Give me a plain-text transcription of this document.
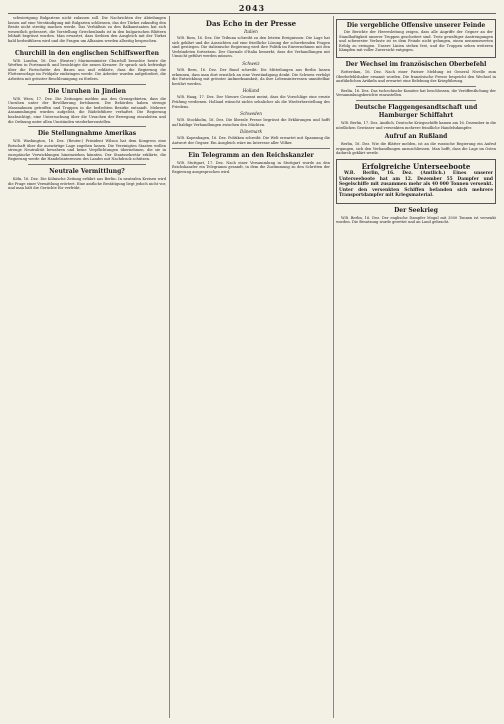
2043

schwierigung Bulgariens nicht zulassen soll. Die Nachrichten der Abteilungen lassen auf eine Verständigung mit Bulgarien schliessen, das der Türkei zukunftig den Besitz nicht streitig machen werde. Das Verhältnis zu den Balkanstaaten hat sich wesentlich gebessert, die Vorstellung Griechenlands ist in den bulgarischen Blättern lebhaft begrüsst worden. Man erwartet, dass Serbien den Ausgleich mit der Türkei bald herbeiführen wird und die Fragen um Albanien werden allseitig besprochen.

Churchill in den englischen Schiffswerften

W.B. London, 16. Dez. (Reuter.) Marineminister Churchill besuchte heute die Werften in Portsmouth und besichtigte die neuen Kreuzer. Er sprach sich befriedigt über die Fortschritte des Baues aus und erklärte, dass die Regierung die Flottenvorlage im Frühjahr einbringen werde. Die Arbeiter wurden aufgefordert, die Arbeiten mit grösster Beschleunigung zu fördern.

Die Unruhen in Jindien

W.B. Wien, 17. Dez. Die Zeitungen melden aus den Grenzgebieten, dass die Unruhen unter der Bevölkerung fortdauern. Die Behörden haben strenge Massnahmen getroffen und Truppen in die bedrohten Bezirke entsandt. Mehrere Ansammlungen wurden aufgelöst, die Rädelsführer verhaftet. Die Regierung beabsichtigt, eine Untersuchung über die Ursachen der Bewegung einzuleiten und die Ordnung unter allen Umständen wiederherzustellen.

Die Stellungnahme Amerikas

W.B. Washington, 16. Dez. (Reuter.) Präsident Wilson hat dem Kongress eine Botschaft über die auswärtige Lage zugehen lassen. Die Vereinigten Staaten wollen strenge Neutralität bewahren und keine Verpflichtungen übernehmen, die sie in europäische Verwicklungen hineinziehen könnten. Der Staatssekretär erklärte, die Regierung werde die Handelsinteressen des Landes mit Nachdruck schützen.

Neutrale Vermittlung?

Köln, 16. Dez. Die Kölnische Zeitung erfährt aus Berlin: In neutralen Kreisen wird die Frage einer Vermittlung erörtert. Eine amtliche Bestätigung liegt jedoch nicht vor, und man hält die Gerüchte für verfrüht.

Das Echo in der Presse
Italien

W.B. Rom, 16. Dez. Die Tribuna schreibt zu den letzten Ereignissen: Die Lage hat sich geklärt und die Aussichten auf eine friedliche Lösung der schwebenden Fragen sind gestiegen. Die italienische Regierung wird ihre Politik im Einvernehmen mit den Verbündeten fortsetzen. Der Giornale d'Italia bemerkt, dass die Verhandlungen mit Umsicht geführt werden müssen.

Schweiz

W.B. Bern, 16. Dez. Der Bund schreibt: Die Mitteilungen aus Berlin lassen erkennen, dass man dort ernstlich an eine Verständigung denkt. Die Schweiz verfolgt die Entwicklung mit grösster Aufmerksamkeit, da ihre Lebensinteressen unmittelbar berührt werden.

Holland

W.B. Haag, 17. Dez. Der Nieuwe Courant meint, dass die Vorschläge eine ernste Prüfung verdienen. Holland wünscht nichts sehnlicher als die Wiederherstellung des Friedens.

Schweden

W.B. Stockholm, 16. Dez. Die liberale Presse begrüsst die Erklärungen und hofft auf baldige Verhandlungen zwischen den Mächten.

Dänemark

W.B. Kopenhagen, 16. Dez. Politiken schreibt: Die Welt erwartet mit Spannung die Antwort der Gegner. Ein Ausgleich wäre im Interesse aller Völker.

Ein Telegramm an den Reichskanzler

W.B. Stuttgart, 17. Dez. Nach einer Versammlung in Stuttgart wurde an den Reichskanzler ein Telegramm gesandt, in dem die Zustimmung zu den Schritten der Regierung ausgesprochen wird.

Die vergebliche Offensive unserer Feinde

Die Berichte der Heeresleitung zeigen, dass alle Angriffe der Gegner an der Standhaftigkeit unserer Truppen gescheitert sind. Trotz gewaltiger Anstrengungen und schwerster Verluste ist es dem Feinde nicht gelungen, einen nennenswerten Erfolg zu erringen. Unsere Linien stehen fest, und die Truppen sehen weiteren Kämpfen mit voller Zuversicht entgegen.

Der Wechsel im französischen Oberbefehl

Rotterdam, 16. Dez. Nach einer Pariser Meldung ist General Nivelle zum Oberbefehlshaber ernannt worden. Die französische Presse bespricht den Wechsel in ausführlichen Artikeln und erwartet eine Belebung der Kriegführung.

Berlin, 16. Dez. Das tschechische Komitee hat beschlossen, die Veröffentlichung der Versammlungsberichte einzustellen.

Deutsche Flaggengesandtschaft und Hamburger Schiffahrt

W.B. Berlin, 17. Dez. Amtlich. Deutsche Kriegsschiffe kamen am 16. Dezember in die nördlichen Gewässer und versenkten mehrere feindliche Handelsdampfer.

Aufruf an Rußland

Berlin, 16. Dez. Wie die Blätter melden, ist an die russische Regierung ein Aufruf ergangen, sich den Verhandlungen anzuschliessen. Man hofft, dass die Lage im Osten dadurch geklärt werde.

Erfolgreiche Unterseeboote

W.B. Berlin, 16. Dez. (Amtlich.) Eines unserer Unterseeboote hat am 12. Dezember 55 Dampfer und Segelschiffe mit zusammen mehr als 40 000 Tonnen versenkt. Unter den versenkten Schiffen befanden sich mehrere Transportdampfer mit Kriegsmaterial.

Der Seekrieg

W.B. Berlin, 16. Dez. Der englische Dampfer Mogul mit 3500 Tonnen ist versenkt worden. Die Besatzung wurde gerettet und an Land gebracht.
